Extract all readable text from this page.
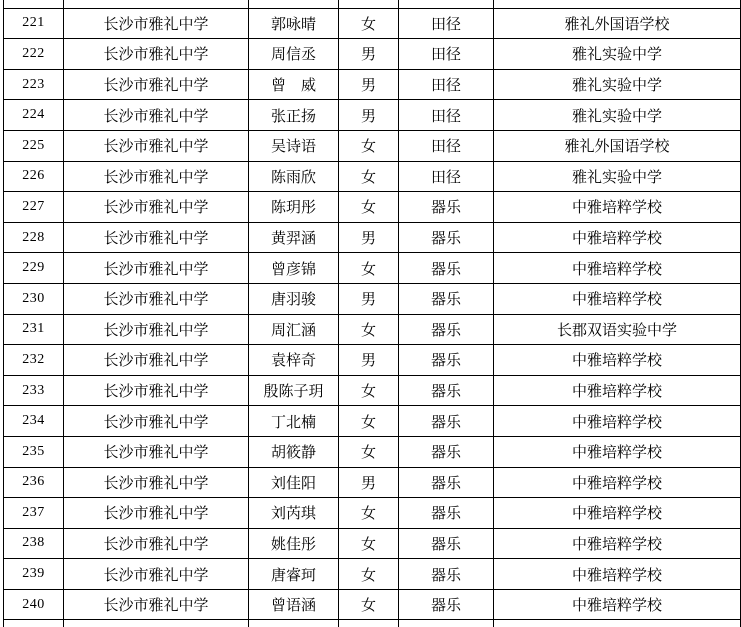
221	长沙市雅礼中学	郭咏晴	女	田径	雅礼外国语学校
222	长沙市雅礼中学	周信丞	男	田径	雅礼实验中学
223	长沙市雅礼中学	曾　威	男	田径	雅礼实验中学
224	长沙市雅礼中学	张正扬	男	田径	雅礼实验中学
225	长沙市雅礼中学	吴诗语	女	田径	雅礼外国语学校
226	长沙市雅礼中学	陈雨欣	女	田径	雅礼实验中学
227	长沙市雅礼中学	陈玥彤	女	器乐	中雅培粹学校
228	长沙市雅礼中学	黄羿涵	男	器乐	中雅培粹学校
229	长沙市雅礼中学	曾彦锦	女	器乐	中雅培粹学校
230	长沙市雅礼中学	唐羽骏	男	器乐	中雅培粹学校
231	长沙市雅礼中学	周汇涵	女	器乐	长郡双语实验中学
232	长沙市雅礼中学	袁梓奇	男	器乐	中雅培粹学校
233	长沙市雅礼中学	殷陈子玥	女	器乐	中雅培粹学校
234	长沙市雅礼中学	丁北楠	女	器乐	中雅培粹学校
235	长沙市雅礼中学	胡筱静	女	器乐	中雅培粹学校
236	长沙市雅礼中学	刘佳阳	男	器乐	中雅培粹学校
237	长沙市雅礼中学	刘芮琪	女	器乐	中雅培粹学校
238	长沙市雅礼中学	姚佳彤	女	器乐	中雅培粹学校
239	长沙市雅礼中学	唐睿珂	女	器乐	中雅培粹学校
240	长沙市雅礼中学	曾语涵	女	器乐	中雅培粹学校
